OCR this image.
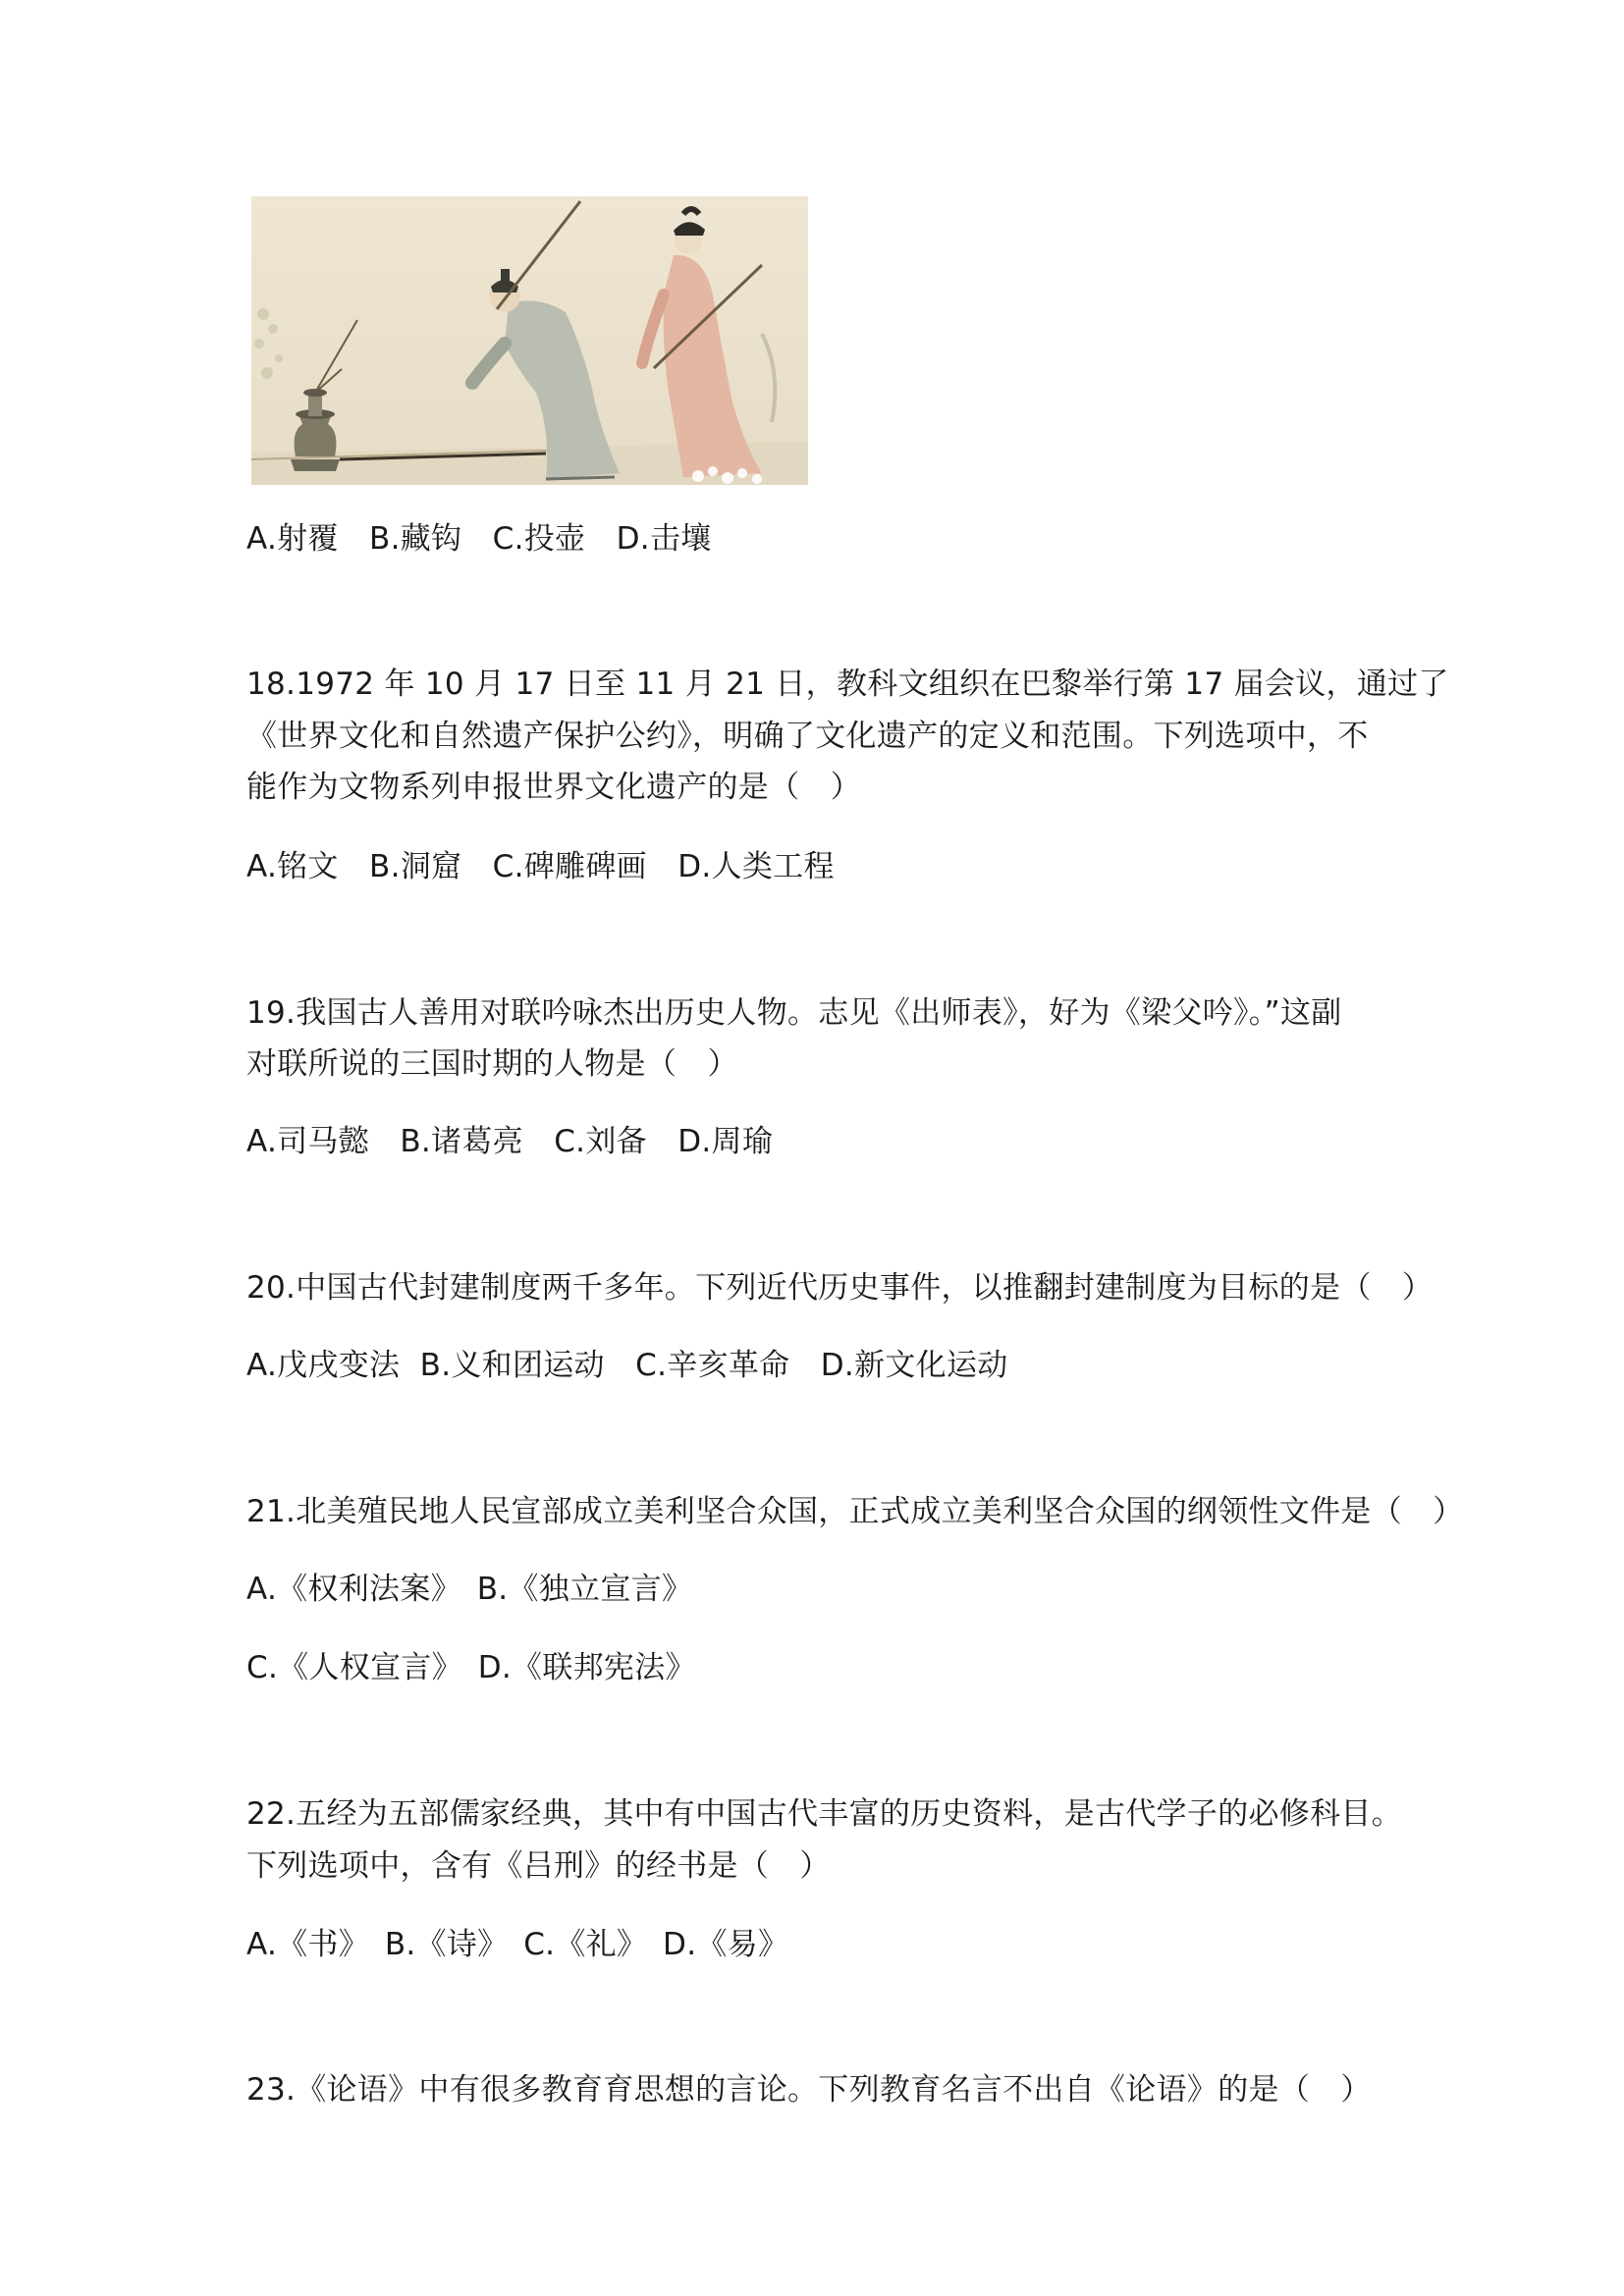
A.射覆　B.藏钩　C.投壶　D.击壤
18.1972 年 10 月 17 日至 11 月 21 日，教科文组织在巴黎举行第 17 届会议，通过了
《世界文化和自然遗产保护公约》，明确了文化遗产的定义和范围。下列选项中，不
能作为文物系列申报世界文化遗产的是（　）
A.铭文　B.洞窟　C.碑雕碑画　D.人类工程
19.我国古人善用对联吟咏杰出历史人物。志见《出师表》，好为《梁父吟》。”这副
对联所说的三国时期的人物是（　）
A.司马懿　B.诸葛亮　C.刘备　D.周瑜
20.中国古代封建制度两千多年。下列近代历史事件，以推翻封建制度为目标的是（　）
A.戊戌变法  B.义和团运动　C.辛亥革命　D.新文化运动
21.北美殖民地人民宣部成立美利坚合众国，正式成立美利坚合众国的纲领性文件是（　）
A.《权利法案》　B.《独立宣言》
C.《人权宣言》　D.《联邦宪法》
22.五经为五部儒家经典，其中有中国古代丰富的历史资料，是古代学子的必修科目。
下列选项中，含有《吕刑》的经书是（　）
A.《书》　B.《诗》　C.《礼》　D.《易》
23.《论语》中有很多教育育思想的言论。下列教育名言不出自《论语》的是（　）
